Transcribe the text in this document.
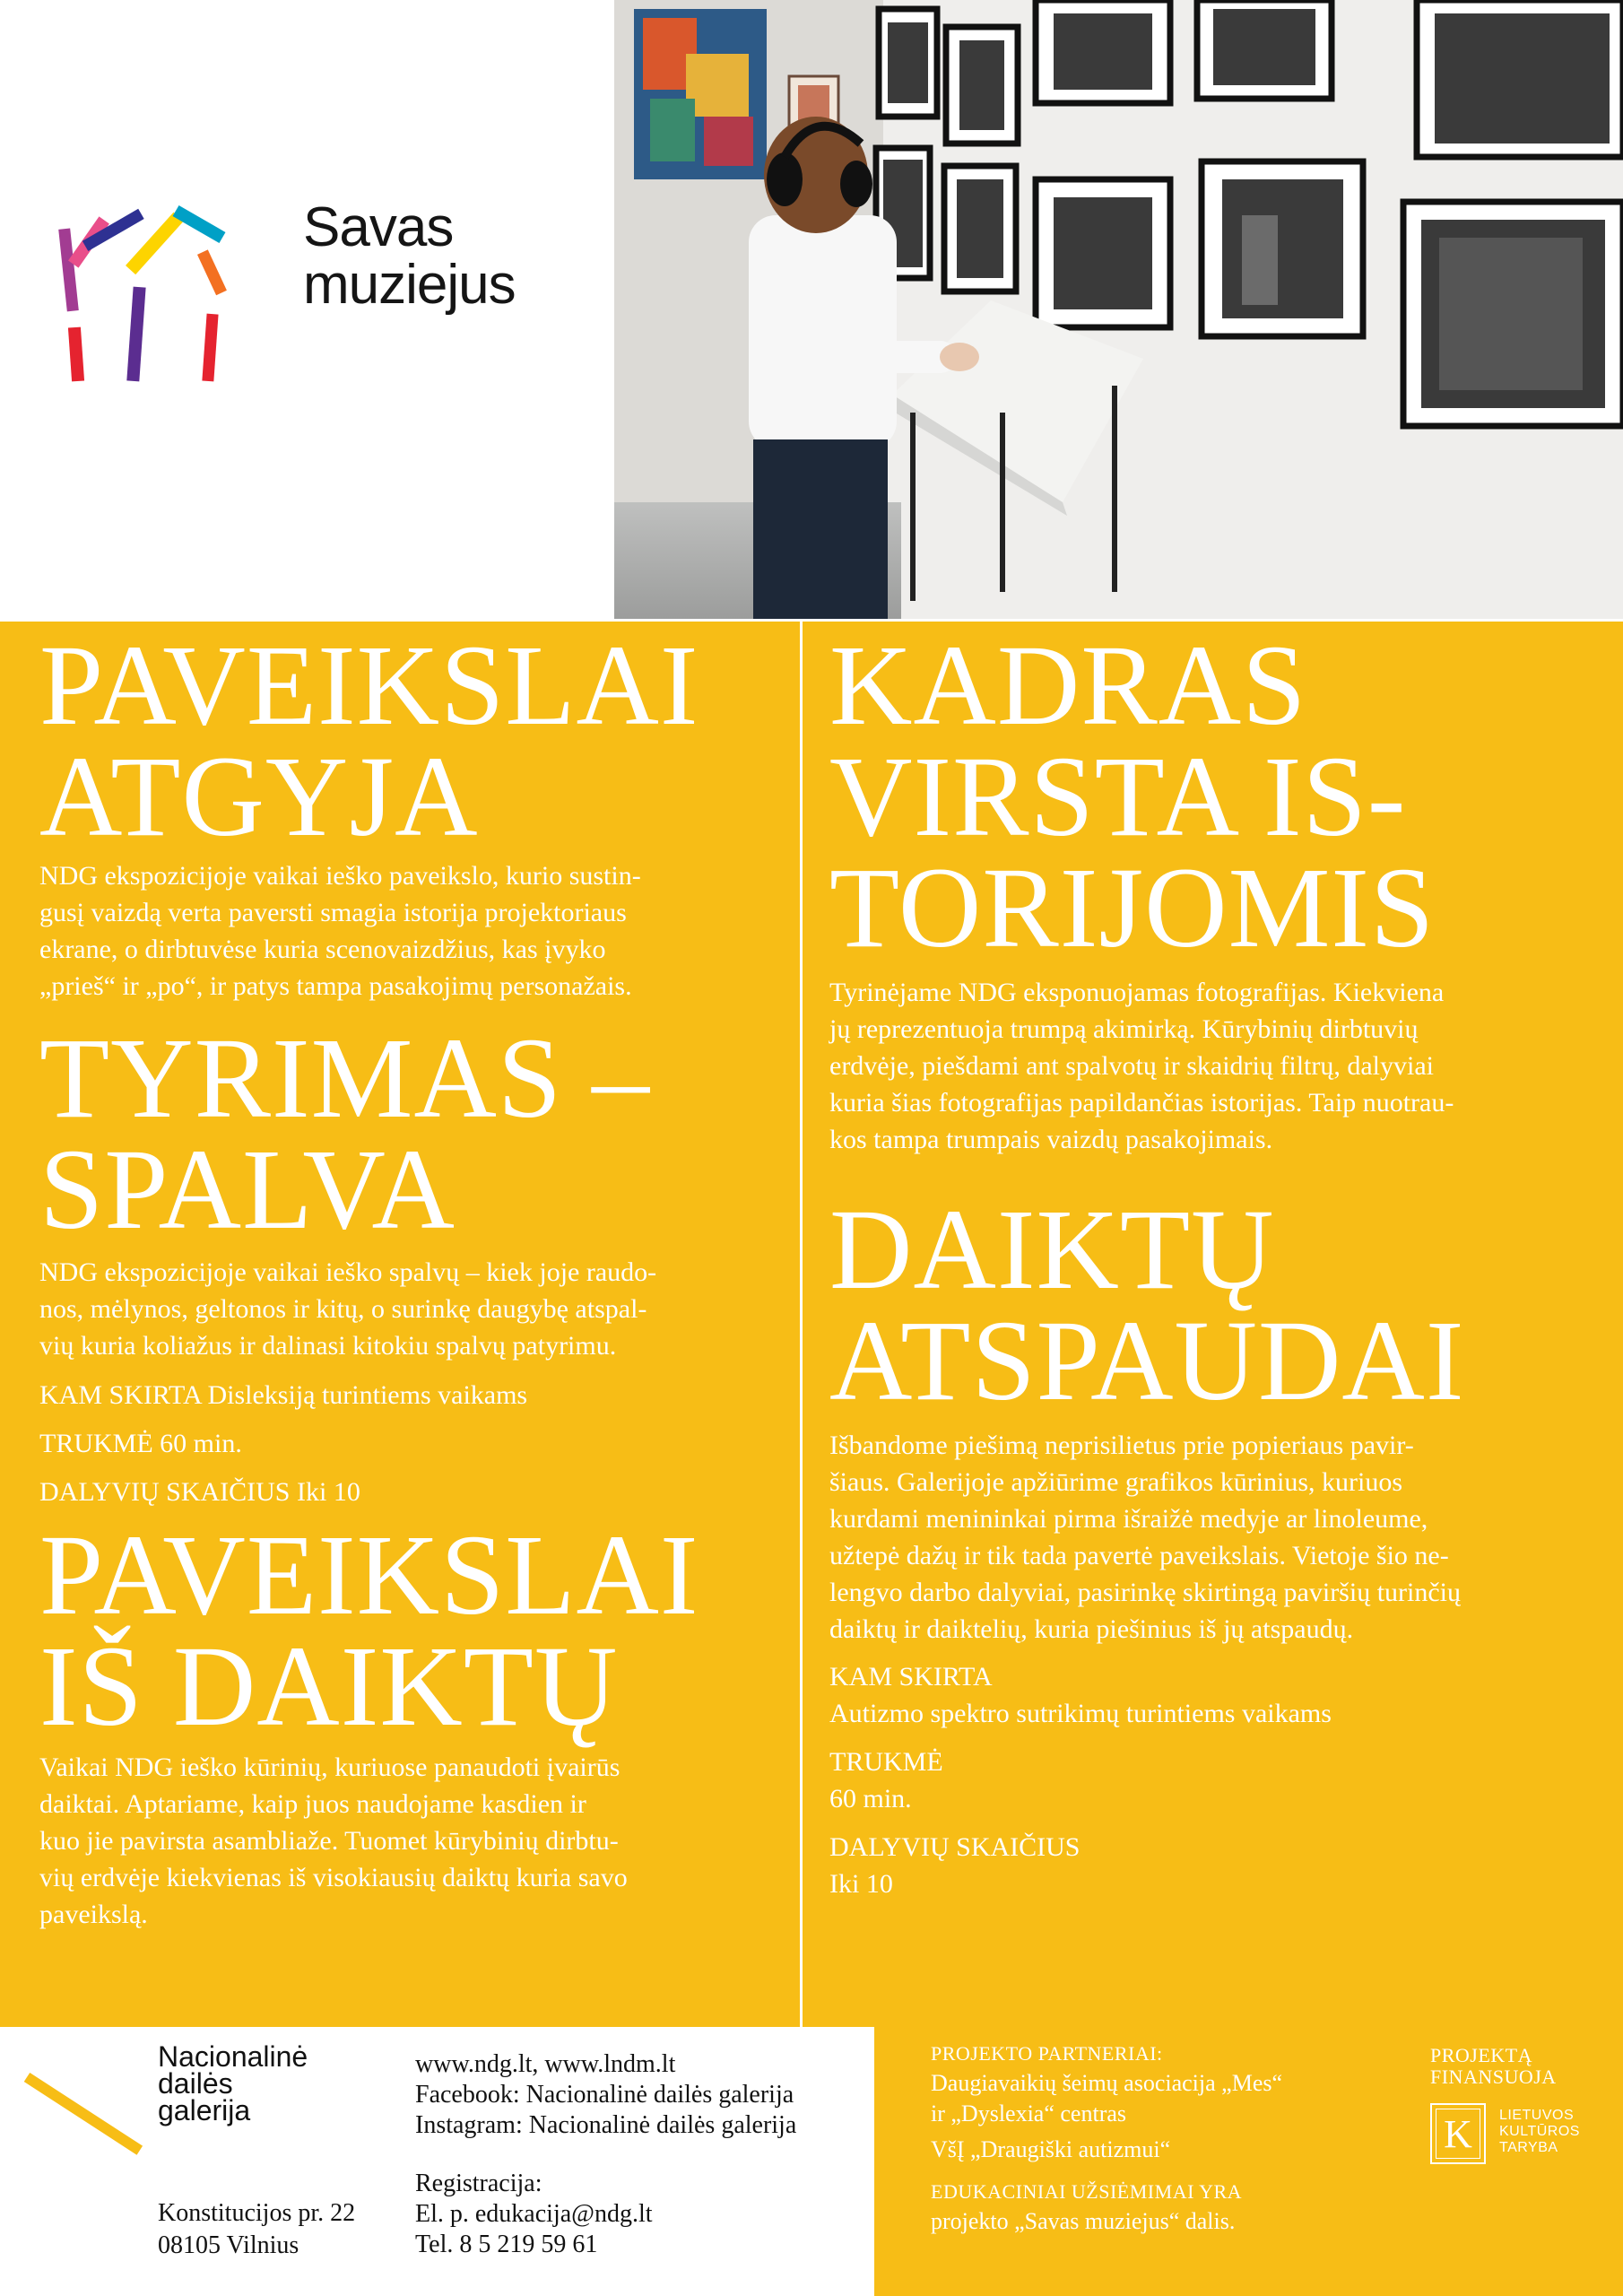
Savas
muziejus
PAVEIKSLAI
ATGYJA
NDG ekspozicijoje vaikai ieško paveikslo, kurio sustin-
gusį vaizdą verta paversti smagia istorija projektoriaus
ekrane, o dirbtuvėse kuria scenovaizdžius, kas įvyko
„prieš“ ir „po“, ir patys tampa pasakojimų personažais.
TYRIMAS –
SPALVA
NDG ekspozicijoje vaikai ieško spalvų – kiek joje raudo-
nos, mėlynos, geltonos ir kitų, o surinkę daugybę atspal-
vių kuria koliažus ir dalinasi kitokiu spalvų patyrimu.
KAM SKIRTA Disleksiją turintiems vaikams
TRUKMĖ 60 min.
DALYVIŲ SKAIČIUS Iki 10
PAVEIKSLAI
IŠ DAIKTŲ
Vaikai NDG ieško kūrinių, kuriuose panaudoti įvairūs
daiktai. Aptariame, kaip juos naudojame kasdien ir
kuo jie pavirsta asambliaže. Tuomet kūrybinių dirbtu-
vių erdvėje kiekvienas iš visokiausių daiktų kuria savo
paveikslą.
KADRAS
VIRSTA IS-
TORIJOMIS
Tyrinėjame NDG eksponuojamas fotografijas. Kiekviena
jų reprezentuoja trumpą akimirką. Kūrybinių dirbtuvių
erdvėje, piešdami ant spalvotų ir skaidrių filtrų, dalyviai
kuria šias fotografijas papildančias istorijas. Taip nuotrau-
kos tampa trumpais vaizdų pasakojimais.
DAIKTŲ
ATSPAUDAI
Išbandome piešimą neprisilietus prie popieriaus pavir-
šiaus. Galerijoje apžiūrime grafikos kūrinius, kuriuos
kurdami menininkai pirma išraižė medyje ar linoleume,
užtepė dažų ir tik tada pavertė paveikslais. Vietoje šio ne-
lengvo darbo dalyviai, pasirinkę skirtingą paviršių turinčių
daiktų ir daiktelių, kuria piešinius iš jų atspaudų.
KAM SKIRTA
Autizmo spektro sutrikimų turintiems vaikams
TRUKMĖ
60 min.
DALYVIŲ SKAIČIUS
Iki 10
Nacionalinė
dailės
galerija
Konstitucijos pr. 22
08105 Vilnius
www.ndg.lt, www.lndm.lt
Facebook: Nacionalinė dailės galerija
Instagram: Nacionalinė dailės galerija
Registracija:
El. p. edukacija@ndg.lt
Tel. 8 5 219 59 61
PROJEKTO PARTNERIAI:
Daugiavaikių šeimų asociacija „Mes“
ir „Dyslexia“ centras
VšĮ „Draugiški autizmui“
EDUKACINIAI UŽSIĖMIMAI YRA
projekto „Savas muziejus“ dalis.
PROJEKTĄ
FINANSUOJA
K	LIETUVOS
KULTŪROS
TARYBA
